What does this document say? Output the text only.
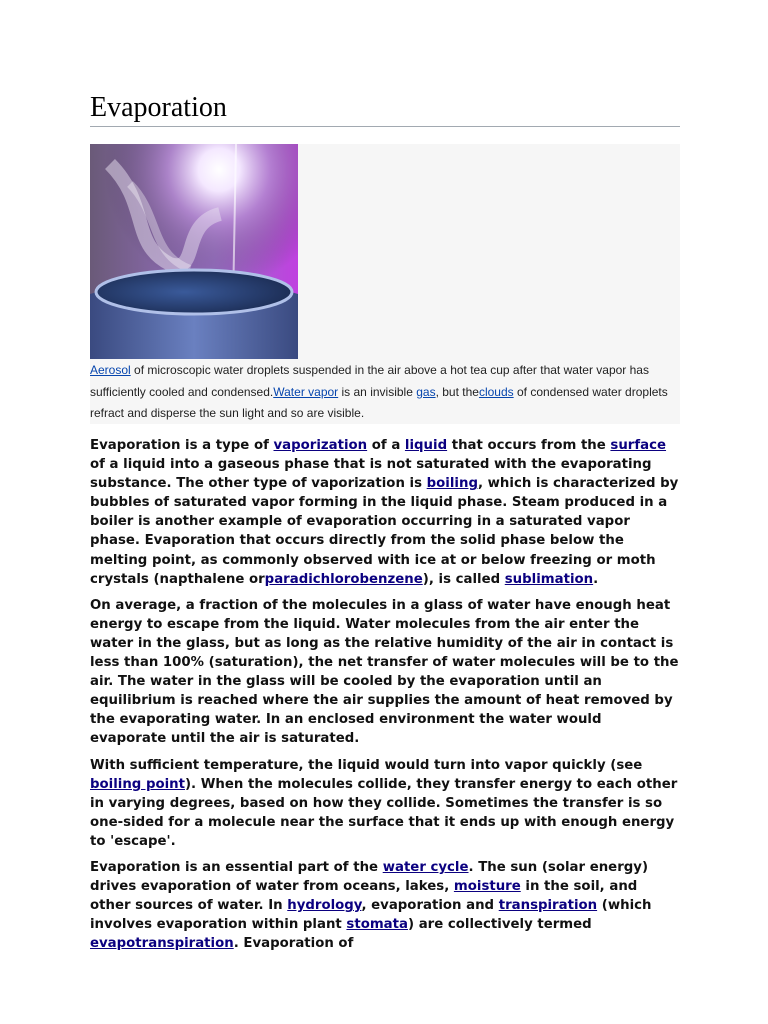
Evaporation
Aerosol of microscopic water droplets suspended in the air above a hot tea cup after that water vapor has sufficiently cooled and condensed.Water vapor is an invisible gas, but theclouds of condensed water droplets refract and disperse the sun light and so are visible.

Evaporation is a type of vaporization of a liquid that occurs from the surface of a liquid into a gaseous phase that is not saturated with the evaporating substance. The other type of vaporization is boiling, which is characterized by bubbles of saturated vapor forming in the liquid phase. Steam produced in a boiler is another example of evaporation occurring in a saturated vapor phase. Evaporation that occurs directly from the solid phase below the melting point, as commonly observed with ice at or below freezing or moth crystals (napthalene orparadichlorobenzene), is called sublimation.

On average, a fraction of the molecules in a glass of water have enough heat energy to escape from the liquid. Water molecules from the air enter the water in the glass, but as long as the relative humidity of the air in contact is less than 100% (saturation), the net transfer of water molecules will be to the air. The water in the glass will be cooled by the evaporation until an equilibrium is reached where the air supplies the amount of heat removed by the evaporating water. In an enclosed environment the water would evaporate until the air is saturated.

With sufficient temperature, the liquid would turn into vapor quickly (see boiling point). When the molecules collide, they transfer energy to each other in varying degrees, based on how they collide. Sometimes the transfer is so one-sided for a molecule near the surface that it ends up with enough energy to 'escape'.

Evaporation is an essential part of the water cycle. The sun (solar energy) drives evaporation of water from oceans, lakes, moisture in the soil, and other sources of water. In hydrology, evaporation and transpiration (which involves evaporation within plant stomata) are collectively termed evapotranspiration. Evaporation of
